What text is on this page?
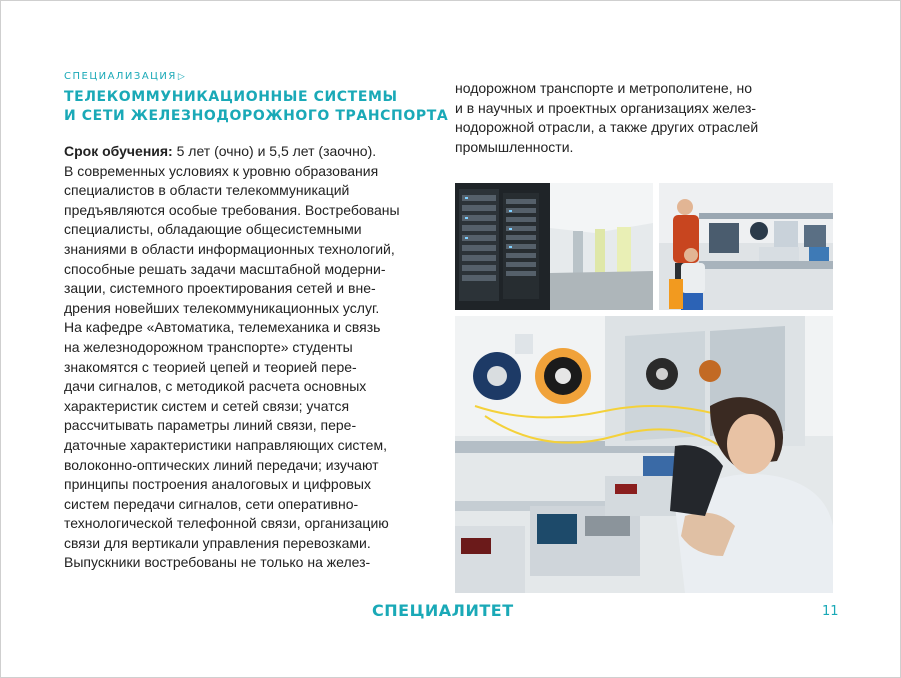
СПЕЦИАЛИЗАЦИЯ▷
ТЕЛЕКОММУНИКАЦИОННЫЕ СИСТЕМЫ
И СЕТИ ЖЕЛЕЗНОДОРОЖНОГО ТРАНСПОРТА
Срок обучения: 5 лет (очно) и 5,5 лет (заочно).
В современных условиях к уровню образования
специалистов в области телекоммуникаций
предъявляются особые требования. Востребованы
специалисты, обладающие общесистемными
знаниями в области информационных технологий,
способные решать задачи масштабной модерни-
зации, системного проектирования сетей и вне-
дрения новейших телекоммуникационных услуг.
На кафедре «Автоматика, телемеханика и связь
на железнодорожном транспорте» студенты
знакомятся с теорией цепей и теорией пере-
дачи сигналов, с методикой расчета основных
характеристик систем и сетей связи; учатся
рассчитывать параметры линий связи, пере-
даточные характеристики направляющих систем,
волоконно-оптических линий передачи; изучают
принципы построения аналоговых и цифровых
систем передачи сигналов, сети оперативно-
технологической телефонной связи, организацию
связи для вертикали управления перевозками.
Выпускники востребованы не только на желез-
нодорожном транспорте и метрополитене, но
и в научных и проектных организациях желез-
нодорожной отрасли, а также других отраслей
промышленности.
СПЕЦИАЛИТЕТ	11
